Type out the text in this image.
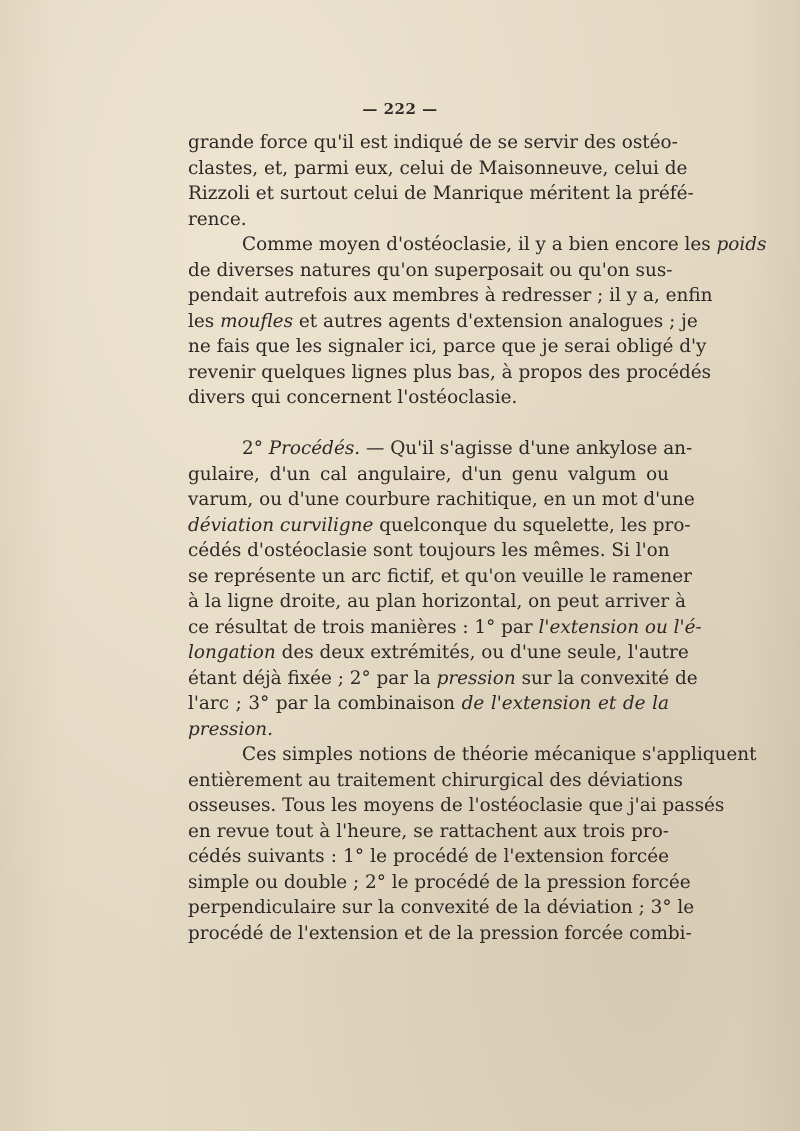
— 222 —
grande force qu'il est indiqué de se servir des ostéo-
clastes, et, parmi eux, celui de Maisonneuve, celui de
Rizzoli et surtout celui de Manrique méritent la préfé-
rence.
Comme moyen d'ostéoclasie, il y a bien encore les poids
de diverses natures qu'on superposait ou qu'on sus-
pendait autrefois aux membres à redresser ; il y a, enfin
les moufles et autres agents d'extension analogues ; je
ne fais que les signaler ici, parce que je serai obligé d'y
revenir quelques lignes plus bas, à propos des procédés
divers qui concernent l'ostéoclasie.
2° Procédés. — Qu'il s'agisse d'une ankylose an-
gulaire, d'un cal angulaire, d'un genu valgum ou
varum, ou d'une courbure rachitique, en un mot d'une
déviation curviligne quelconque du squelette, les pro-
cédés d'ostéoclasie sont toujours les mêmes. Si l'on
se représente un arc fictif, et qu'on veuille le ramener
à la ligne droite, au plan horizontal, on peut arriver à
ce résultat de trois manières : 1° par l'extension ou l'é-
longation des deux extrémités, ou d'une seule, l'autre
étant déjà fixée ; 2° par la pression sur la convexité de
l'arc ; 3° par la combinaison de l'extension et de la
pression.
Ces simples notions de théorie mécanique s'appliquent
entièrement au traitement chirurgical des déviations
osseuses. Tous les moyens de l'ostéoclasie que j'ai passés
en revue tout à l'heure, se rattachent aux trois pro-
cédés suivants : 1° le procédé de l'extension forcée
simple ou double ; 2° le procédé de la pression forcée
perpendiculaire sur la convexité de la déviation ; 3° le
procédé de l'extension et de la pression forcée combi-
